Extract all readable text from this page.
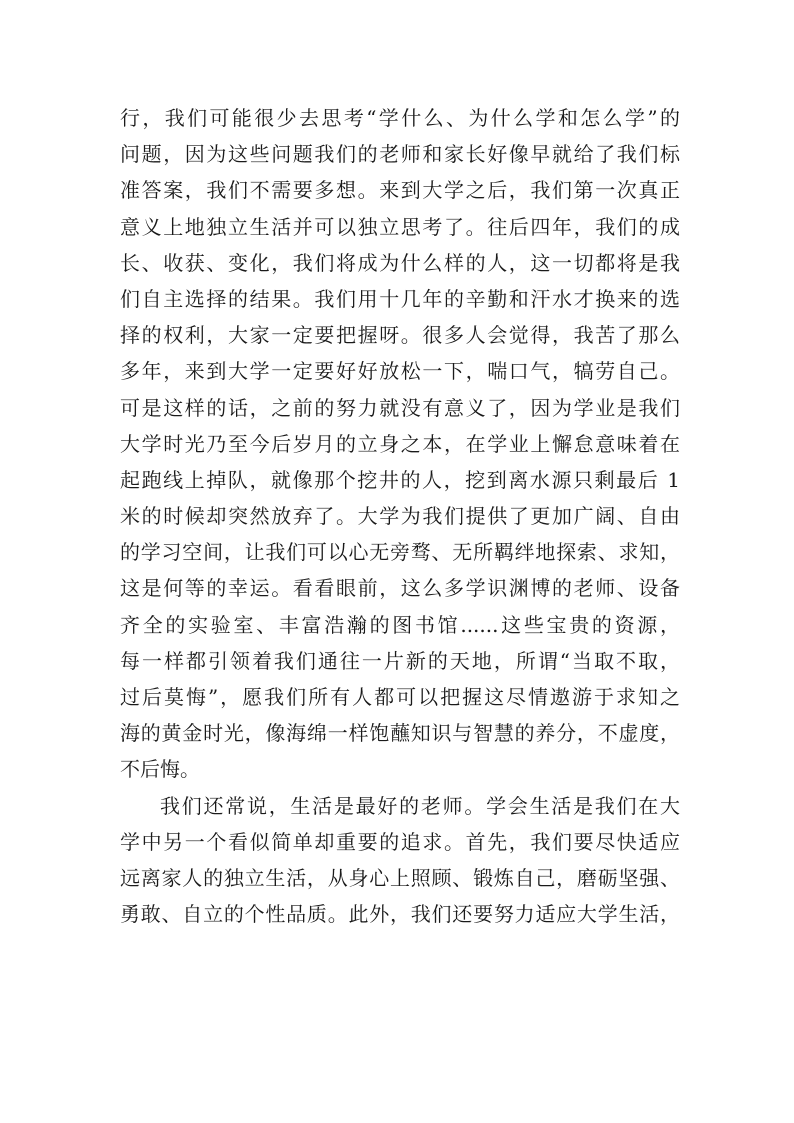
行，我们可能很少去思考“学什么、为什么学和怎么学”的
问题，因为这些问题我们的老师和家长好像早就给了我们标
准答案，我们不需要多想。来到大学之后，我们第一次真正
意义上地独立生活并可以独立思考了。往后四年，我们的成
长、收获、变化，我们将成为什么样的人，这一切都将是我
们自主选择的结果。我们用十几年的辛勤和汗水才换来的选
择的权利，大家一定要把握呀。很多人会觉得，我苦了那么
多年，来到大学一定要好好放松一下，喘口气，犒劳自己。
可是这样的话，之前的努力就没有意义了，因为学业是我们
大学时光乃至今后岁月的立身之本，在学业上懈怠意味着在
起跑线上掉队，就像那个挖井的人，挖到离水源只剩最后 1
米的时候却突然放弃了。大学为我们提供了更加广阔、自由
的学习空间，让我们可以心无旁骛、无所羁绊地探索、求知，
这是何等的幸运。看看眼前，这么多学识渊博的老师、设备
齐全的实验室、丰富浩瀚的图书馆......这些宝贵的资源，
每一样都引领着我们通往一片新的天地，所谓“当取不取，
过后莫悔”，愿我们所有人都可以把握这尽情遨游于求知之
海的黄金时光，像海绵一样饱蘸知识与智慧的养分，不虚度，
不后悔。
我们还常说，生活是最好的老师。学会生活是我们在大
学中另一个看似简单却重要的追求。首先，我们要尽快适应
远离家人的独立生活，从身心上照顾、锻炼自己，磨砺坚强、
勇敢、自立的个性品质。此外，我们还要努力适应大学生活，
